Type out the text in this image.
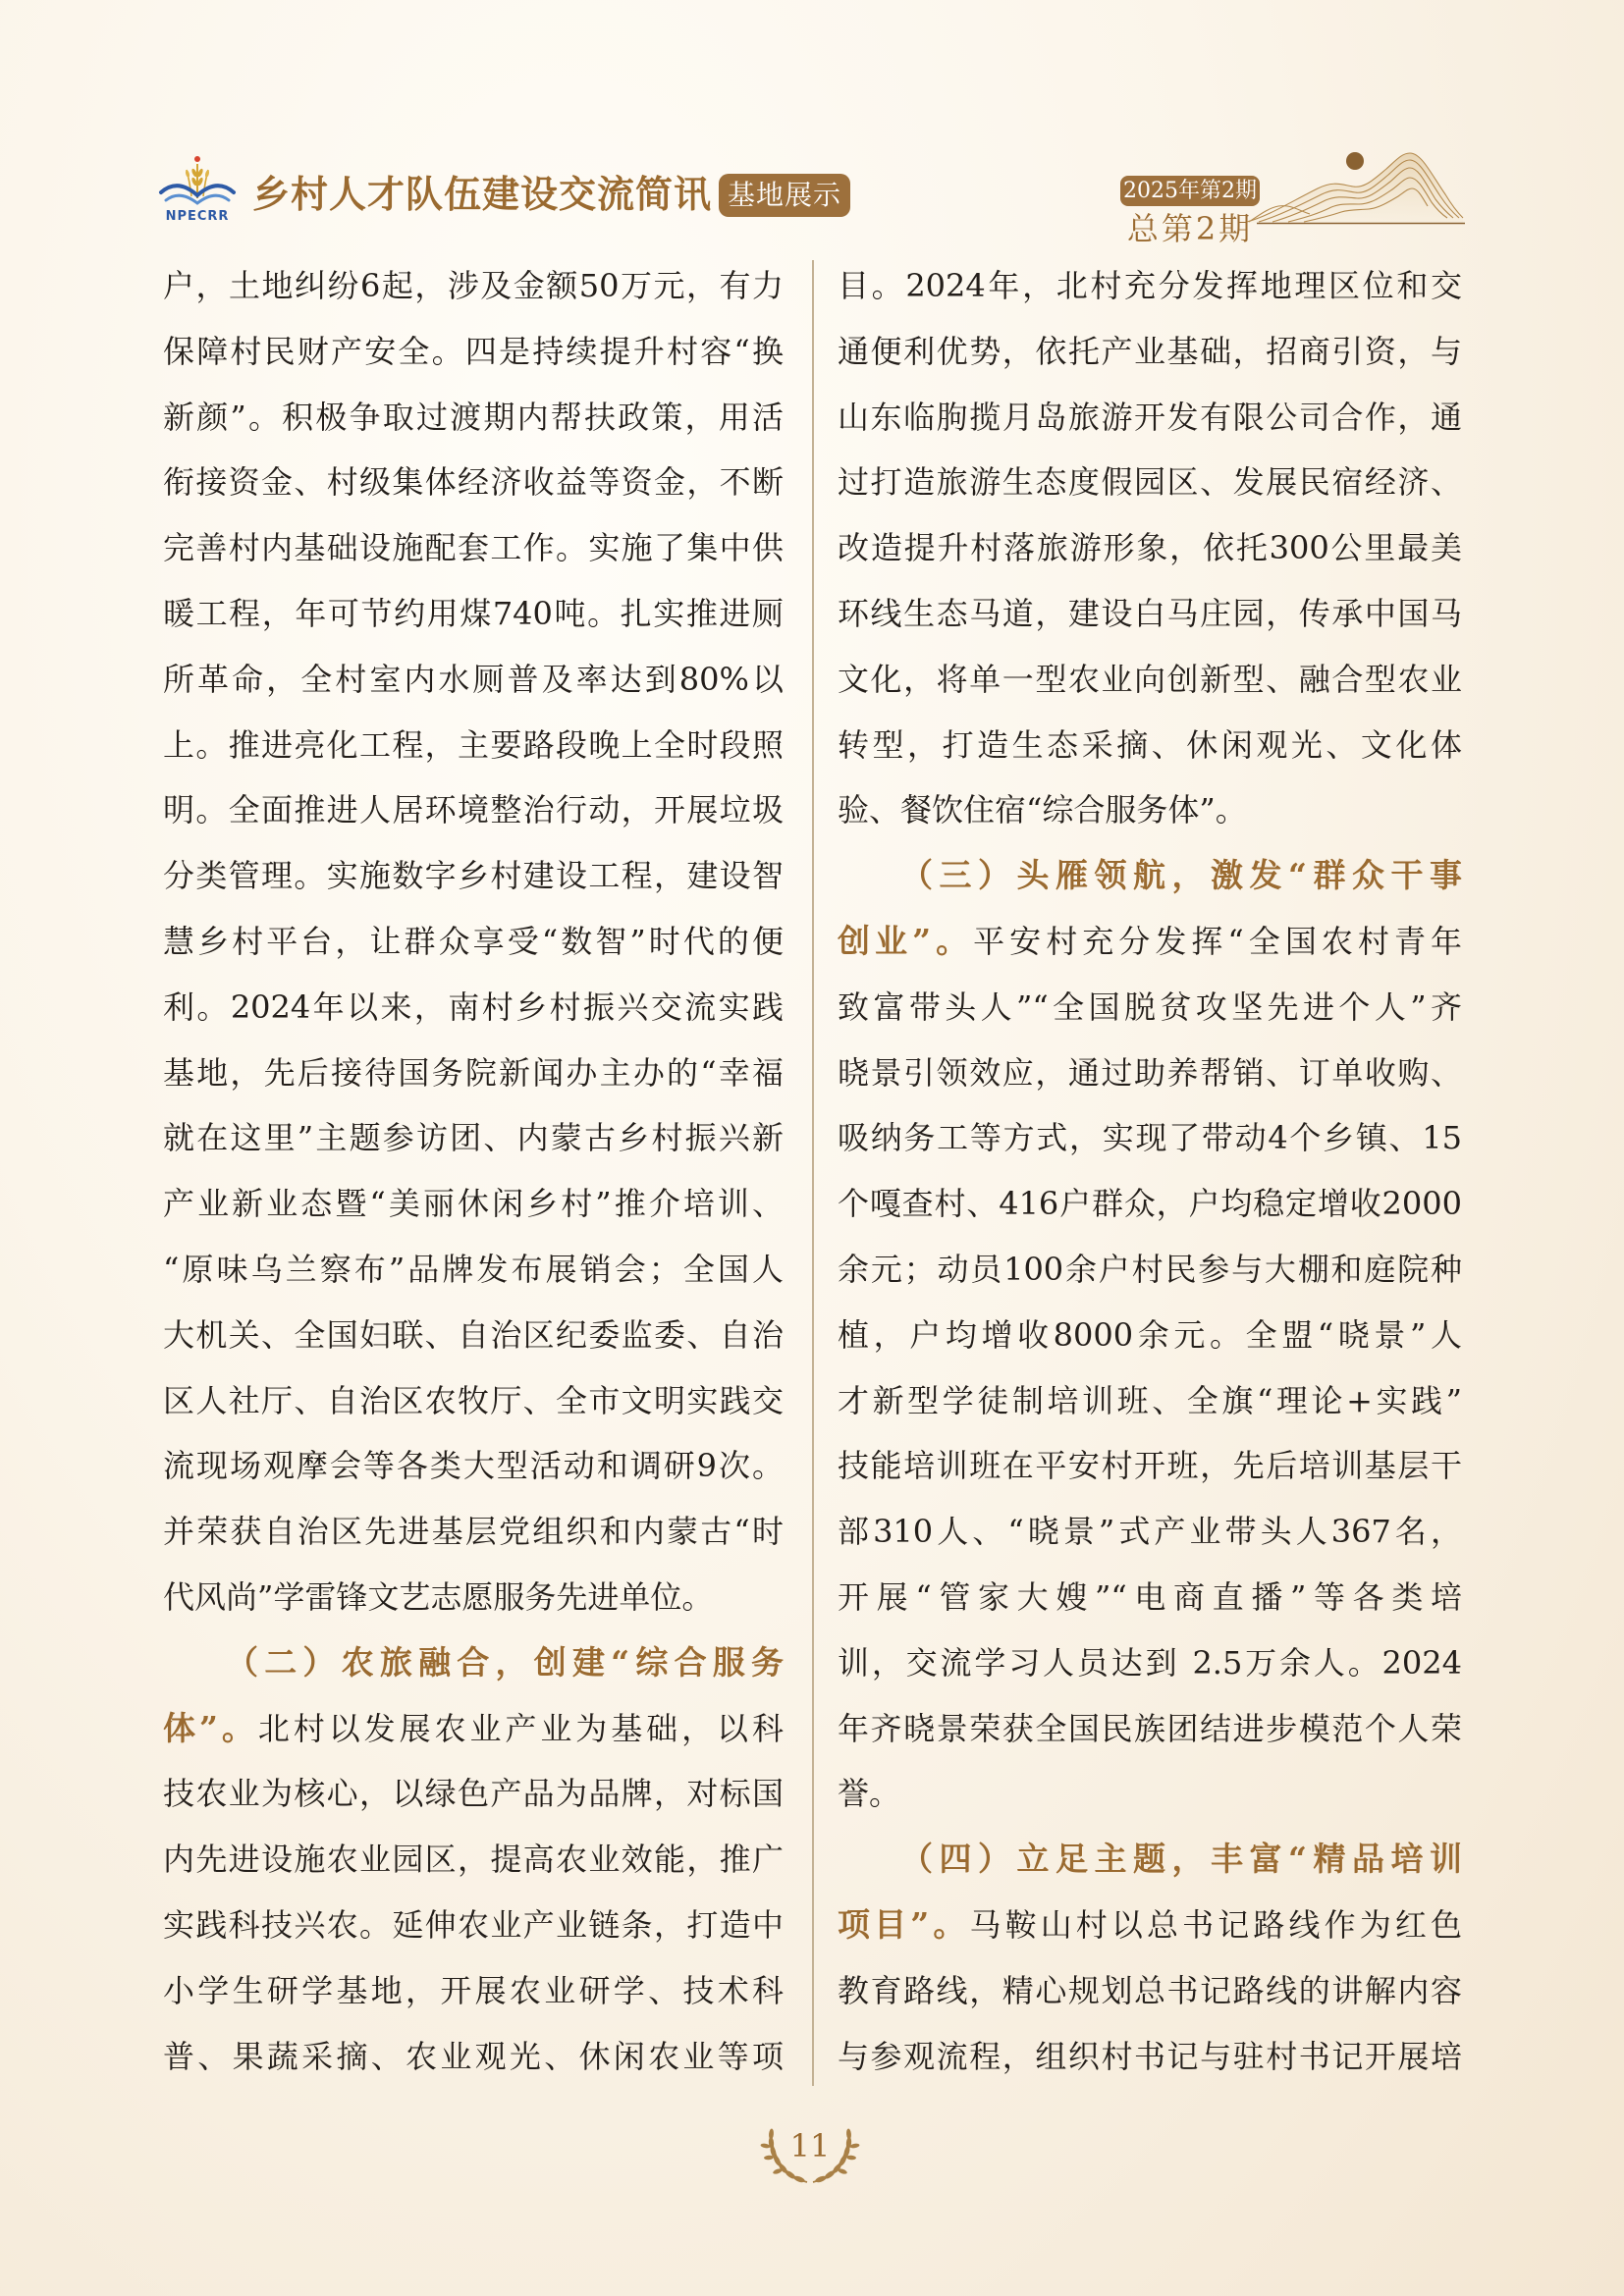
NPECRR
乡村人才队伍建设交流简讯 基地展示	2025年第2期
总第2期
户，土地纠纷6起，涉及金额50万元，有力
保障村民财产安全。四是持续提升村容“换
新颜”。积极争取过渡期内帮扶政策，用活
衔接资金、村级集体经济收益等资金，不断
完善村内基础设施配套工作。实施了集中供
暖工程，年可节约用煤740吨。扎实推进厕
所革命，全村室内水厕普及率达到80%以
上。推进亮化工程，主要路段晚上全时段照
明。全面推进人居环境整治行动，开展垃圾
分类管理。实施数字乡村建设工程，建设智
慧乡村平台，让群众享受“数智”时代的便
利。2024年以来，南村乡村振兴交流实践
基地，先后接待国务院新闻办主办的“幸福
就在这里”主题参访团、内蒙古乡村振兴新
产业新业态暨“美丽休闲乡村”推介培训、
“原味乌兰察布”品牌发布展销会；全国人
大机关、全国妇联、自治区纪委监委、自治
区人社厅、自治区农牧厅、全市文明实践交
流现场观摩会等各类大型活动和调研9次。
并荣获自治区先进基层党组织和内蒙古“时
代风尚”学雷锋文艺志愿服务先进单位。
（二）农旅融合，创建“综合服务
体”。北村以发展农业产业为基础，以科
技农业为核心，以绿色产品为品牌，对标国
内先进设施农业园区，提高农业效能，推广
实践科技兴农。延伸农业产业链条，打造中
小学生研学基地，开展农业研学、技术科
普、果蔬采摘、农业观光、休闲农业等项
目。2024年，北村充分发挥地理区位和交
通便利优势，依托产业基础，招商引资，与
山东临朐揽月岛旅游开发有限公司合作，通
过打造旅游生态度假园区、发展民宿经济、
改造提升村落旅游形象，依托300公里最美
环线生态马道，建设白马庄园，传承中国马
文化，将单一型农业向创新型、融合型农业
转型，打造生态采摘、休闲观光、文化体
验、餐饮住宿“综合服务体”。
（三）头雁领航，激发“群众干事
创业”。平安村充分发挥“全国农村青年
致富带头人”“全国脱贫攻坚先进个人”齐
晓景引领效应，通过助养帮销、订单收购、
吸纳务工等方式，实现了带动4个乡镇、15
个嘎查村、416户群众，户均稳定增收2000
余元；动员100余户村民参与大棚和庭院种
植，户均增收8000余元。全盟“晓景”人
才新型学徒制培训班、全旗“理论+实践”
技能培训班在平安村开班，先后培训基层干
部310人、“晓景”式产业带头人367名，
开展“管家大嫂”“电商直播”等各类培
训，交流学习人员达到 2.5万余人。2024
年齐晓景荣获全国民族团结进步模范个人荣
誉。
（四）立足主题，丰富“精品培训
项目”。马鞍山村以总书记路线作为红色
教育路线，精心规划总书记路线的讲解内容
与参观流程，组织村书记与驻村书记开展培
11
